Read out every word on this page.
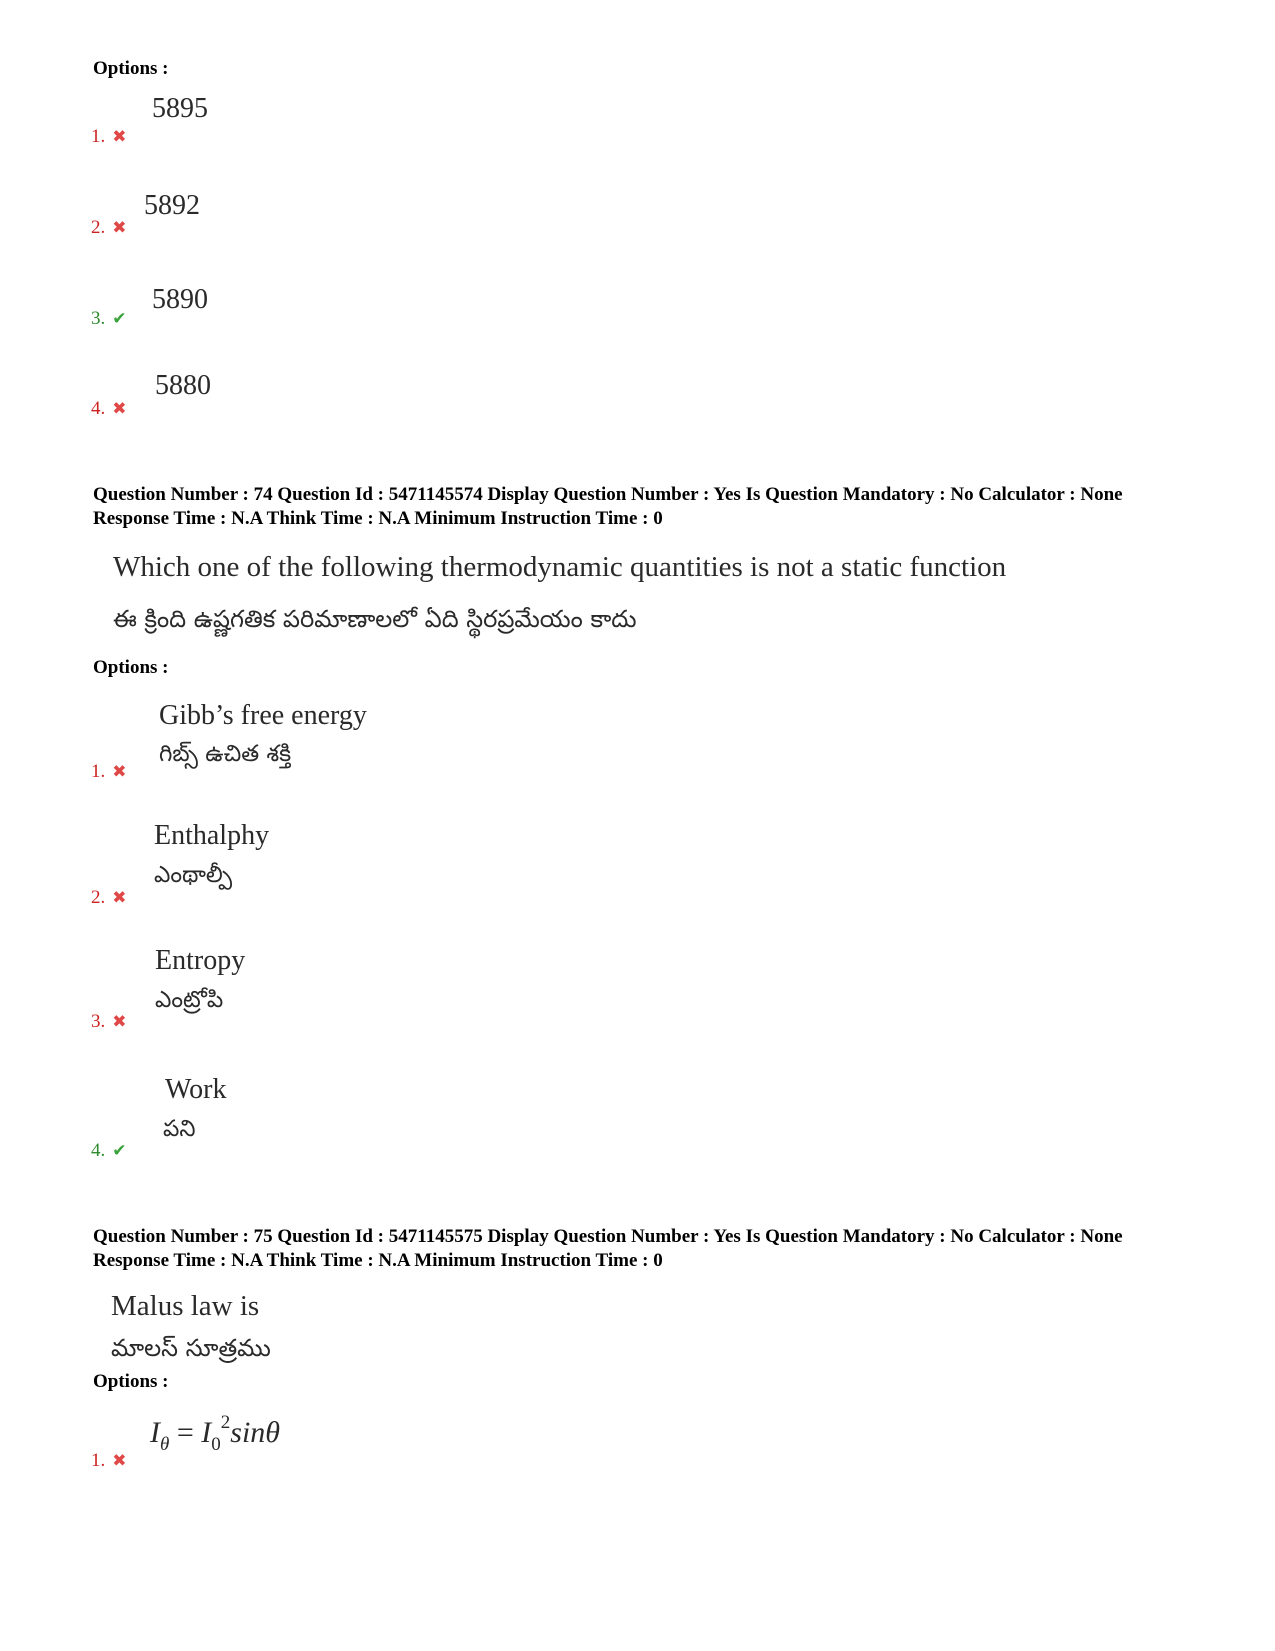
Options :
5895
1. ✖
5892
2. ✖
5890
3. ✔
5880
4. ✖
Question Number : 74 Question Id : 5471145574 Display Question Number : Yes Is Question Mandatory : No Calculator : None Response Time : N.A Think Time : N.A Minimum Instruction Time : 0
Which one of the following thermodynamic quantities is not a static function
ఈ క్రింది ఉష్ణగతిక పరిమాణాలలో ఏది స్థిరప్రమేయం కాదు
Options :
Gibb’s free energy
గిబ్స్ ఉచిత శక్తి
1. ✖
Enthalphy
ఎంథాల్పీ
2. ✖
Entropy
ఎంట్రోపి
3. ✖
Work
పని
4. ✔
Question Number : 75 Question Id : 5471145575 Display Question Number : Yes Is Question Mandatory : No Calculator : None Response Time : N.A Think Time : N.A Minimum Instruction Time : 0
Malus law is
మాలస్ సూత్రము
Options :
$I_\theta = I_0^2\sin\theta$
1. ✖
